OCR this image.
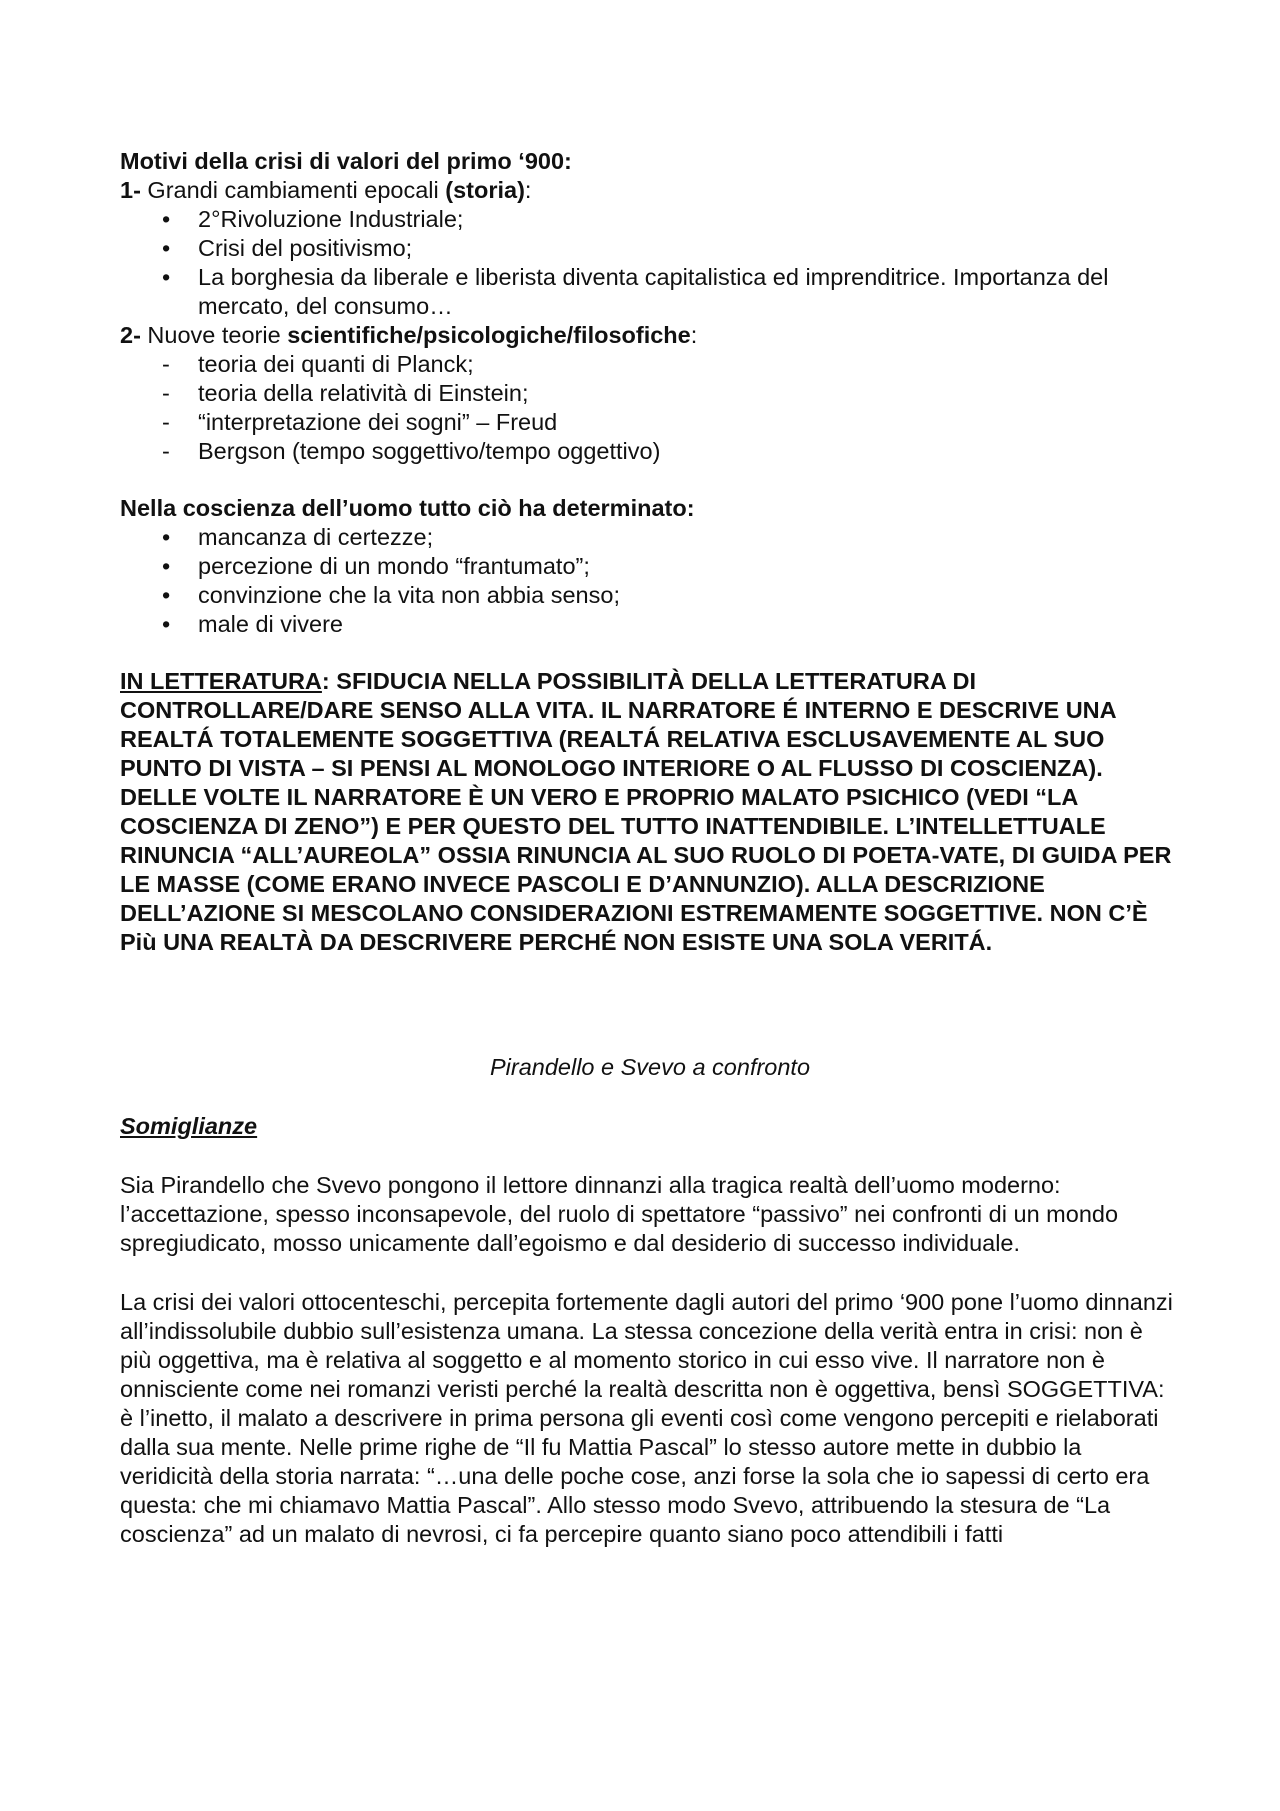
Motivi della crisi di valori del primo ‘900:

1- Grandi cambiamenti epocali (storia):

•	2°Rivoluzione Industriale;
•	Crisi del positivismo;
•	La borghesia da liberale e liberista diventa capitalistica ed imprenditrice. Importanza del mercato, del consumo…

2- Nuove teorie scientifiche/psicologiche/filosofiche:

-	teoria dei quanti di Planck;
-	teoria della relatività di Einstein;
-	“interpretazione dei sogni” – Freud
-	Bergson (tempo soggettivo/tempo oggettivo)

Nella coscienza dell’uomo tutto ciò ha determinato:

•	mancanza di certezze;
•	percezione di un mondo “frantumato”;
•	convinzione che la vita non abbia senso;
•	male di vivere

IN LETTERATURA: SFIDUCIA NELLA POSSIBILITÀ DELLA LETTERATURA DI CONTROLLARE/DARE SENSO ALLA VITA. IL NARRATORE É INTERNO E DESCRIVE UNA REALTÁ TOTALEMENTE SOGGETTIVA (REALTÁ RELATIVA ESCLUSAVEMENTE AL SUO PUNTO DI VISTA – SI PENSI AL MONOLOGO INTERIORE O AL FLUSSO DI COSCIENZA). DELLE VOLTE IL NARRATORE È UN VERO E PROPRIO MALATO PSICHICO (VEDI “LA COSCIENZA DI ZENO”) E PER QUESTO DEL TUTTO INATTENDIBILE. L’INTELLETTUALE RINUNCIA “ALL’AUREOLA” OSSIA RINUNCIA AL SUO RUOLO DI POETA-VATE, DI GUIDA PER LE MASSE (COME ERANO INVECE PASCOLI E D’ANNUNZIO). ALLA DESCRIZIONE DELL’AZIONE SI MESCOLANO CONSIDERAZIONI ESTREMAMENTE SOGGETTIVE. NON C’È Più UNA REALTÀ DA DESCRIVERE PERCHÉ NON ESISTE UNA SOLA VERITÁ.

Pirandello e Svevo a confronto

Somiglianze

Sia Pirandello che Svevo pongono il lettore dinnanzi alla tragica realtà dell’uomo moderno: l’accettazione, spesso inconsapevole, del ruolo di spettatore “passivo” nei confronti di un mondo spregiudicato, mosso unicamente dall’egoismo e dal desiderio di successo individuale.

La crisi dei valori ottocenteschi, percepita fortemente dagli autori del primo ‘900 pone l’uomo dinnanzi all’indissolubile dubbio sull’esistenza umana. La stessa concezione della verità entra in crisi: non è più oggettiva, ma è relativa al soggetto e al momento storico in cui esso vive. Il narratore non è onnisciente come nei romanzi veristi perché la realtà descritta non è oggettiva, bensì SOGGETTIVA: è l’inetto, il malato a descrivere in prima persona gli eventi così come vengono percepiti e rielaborati dalla sua mente. Nelle prime righe de “Il fu Mattia Pascal” lo stesso autore mette in dubbio la veridicità della storia narrata: “…una delle poche cose, anzi forse la sola che io sapessi di certo era questa: che mi chiamavo Mattia Pascal”. Allo stesso modo Svevo, attribuendo la stesura de “La coscienza” ad un malato di nevrosi, ci fa percepire quanto siano poco attendibili i fatti
